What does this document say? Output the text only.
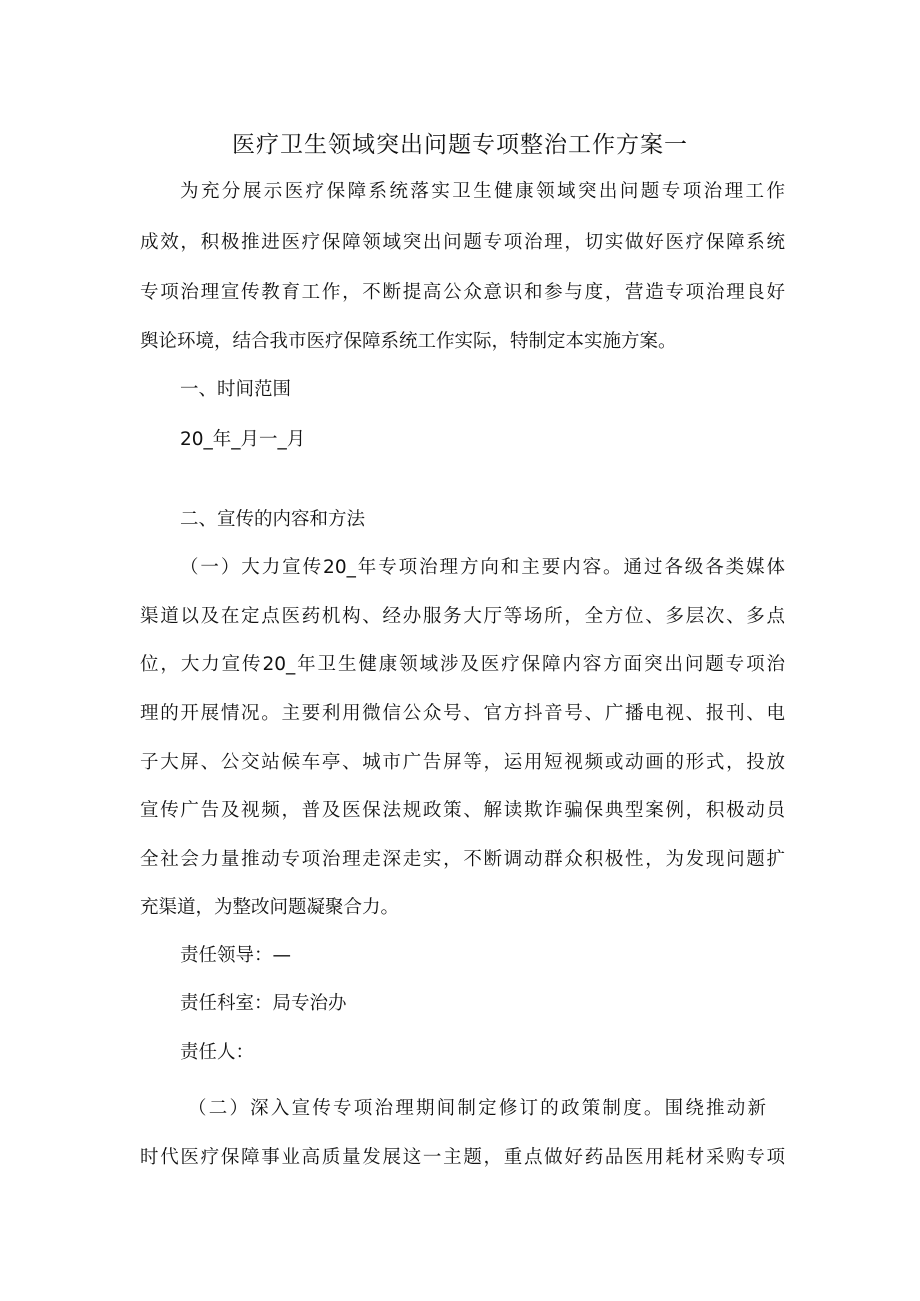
医疗卫生领域突出问题专项整治工作方案一
为充分展示医疗保障系统落实卫生健康领域突出问题专项治理工作
成效，积极推进医疗保障领域突出问题专项治理，切实做好医疗保障系统
专项治理宣传教育工作，不断提高公众意识和参与度，营造专项治理良好
舆论环境，结合我市医疗保障系统工作实际，特制定本实施方案。
一、时间范围
20_年_月一_月
二、宣传的内容和方法
（一）大力宣传20_年专项治理方向和主要内容。通过各级各类媒体
渠道以及在定点医药机构、经办服务大厅等场所，全方位、多层次、多点
位，大力宣传20_年卫生健康领域涉及医疗保障内容方面突出问题专项治
理的开展情况。主要利用微信公众号、官方抖音号、广播电视、报刊、电
子大屏、公交站候车亭、城市广告屏等，运用短视频或动画的形式，投放
宣传广告及视频，普及医保法规政策、解读欺诈骗保典型案例，积极动员
全社会力量推动专项治理走深走实，不断调动群众积极性，为发现问题扩
充渠道，为整改问题凝聚合力。
责任领导：—
责任科室：局专治办
责任人：
（二）深入宣传专项治理期间制定修订的政策制度。围绕推动新
时代医疗保障事业高质量发展这一主题，重点做好药品医用耗材采购专项
